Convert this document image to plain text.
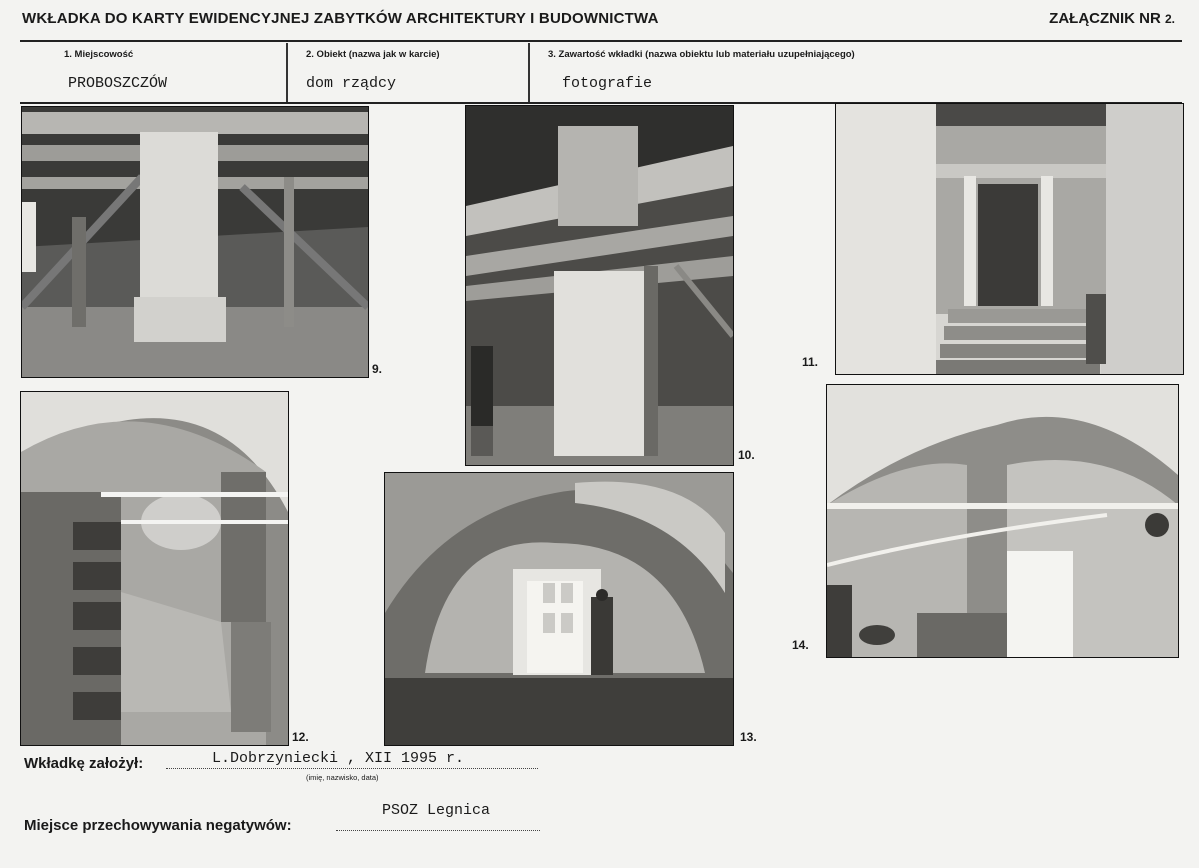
WKŁADKA DO KARTY EWIDENCYJNEJ ZABYTKÓW ARCHITEKTURY I BUDOWNICTWA	ZAŁĄCZNIK NR 2.
1. Miejscowość
PROBOSZCZÓW
2. Obiekt (nazwa jak w karcie)
dom rządcy
3. Zawartość wkładki (nazwa obiektu lub materiału uzupełniającego)
fotografie
9.
10.
11.
12.	13.
14.
Wkładkę założył:	L.Dobrzyniecki , XII 1995 r.
(imię, nazwisko, data)
Miejsce przechowywania negatywów:
PSOZ Legnica
